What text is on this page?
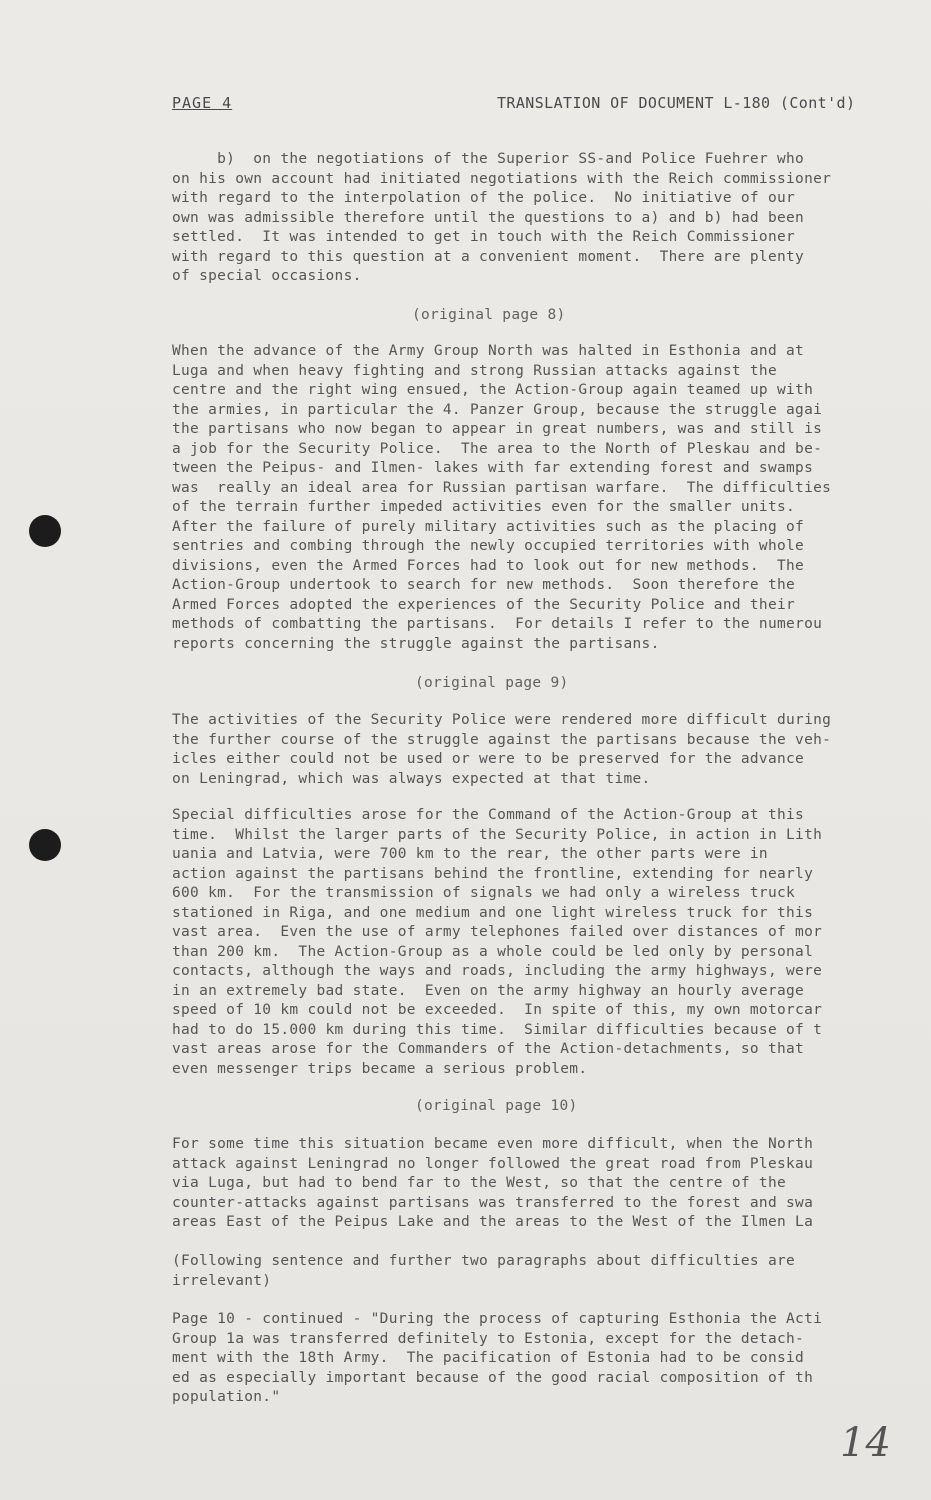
PAGE 4	TRANSLATION OF DOCUMENT L-180 (Cont'd)
b)  on the negotiations of the Superior SS-and Police Fuehrer who
on his own account had initiated negotiations with the Reich commissioner
with regard to the interpolation of the police.  No initiative of our
own was admissible therefore until the questions to a) and b) had been
settled.  It was intended to get in touch with the Reich Commissioner
with regard to this question at a convenient moment.  There are plenty
of special occasions.
(original page 8)
When the advance of the Army Group North was halted in Esthonia and at
Luga and when heavy fighting and strong Russian attacks against the
centre and the right wing ensued, the Action-Group again teamed up with
the armies, in particular the 4. Panzer Group, because the struggle agai
the partisans who now began to appear in great numbers, was and still is
a job for the Security Police.  The area to the North of Pleskau and be-
tween the Peipus- and Ilmen- lakes with far extending forest and swamps
was  really an ideal area for Russian partisan warfare.  The difficulties
of the terrain further impeded activities even for the smaller units.
After the failure of purely military activities such as the placing of
sentries and combing through the newly occupied territories with whole
divisions, even the Armed Forces had to look out for new methods.  The
Action-Group undertook to search for new methods.  Soon therefore the
Armed Forces adopted the experiences of the Security Police and their
methods of combatting the partisans.  For details I refer to the numerou
reports concerning the struggle against the partisans.
(original page 9)
The activities of the Security Police were rendered more difficult during
the further course of the struggle against the partisans because the veh-
icles either could not be used or were to be preserved for the advance
on Leningrad, which was always expected at that time.
Special difficulties arose for the Command of the Action-Group at this
time.  Whilst the larger parts of the Security Police, in action in Lith
uania and Latvia, were 700 km to the rear, the other parts were in
action against the partisans behind the frontline, extending for nearly
600 km.  For the transmission of signals we had only a wireless truck
stationed in Riga, and one medium and one light wireless truck for this
vast area.  Even the use of army telephones failed over distances of mor
than 200 km.  The Action-Group as a whole could be led only by personal
contacts, although the ways and roads, including the army highways, were
in an extremely bad state.  Even on the army highway an hourly average
speed of 10 km could not be exceeded.  In spite of this, my own motorcar
had to do 15.000 km during this time.  Similar difficulties because of t
vast areas arose for the Commanders of the Action-detachments, so that
even messenger trips became a serious problem.
(original page 10)
For some time this situation became even more difficult, when the North
attack against Leningrad no longer followed the great road from Pleskau
via Luga, but had to bend far to the West, so that the centre of the
counter-attacks against partisans was transferred to the forest and swa
areas East of the Peipus Lake and the areas to the West of the Ilmen La
(Following sentence and further two paragraphs about difficulties are
irrelevant)
Page 10 - continued - "During the process of capturing Esthonia the Acti
Group 1a was transferred definitely to Estonia, except for the detach-
ment with the 18th Army.  The pacification of Estonia had to be consid
ed as especially important because of the good racial composition of th
population."
14
